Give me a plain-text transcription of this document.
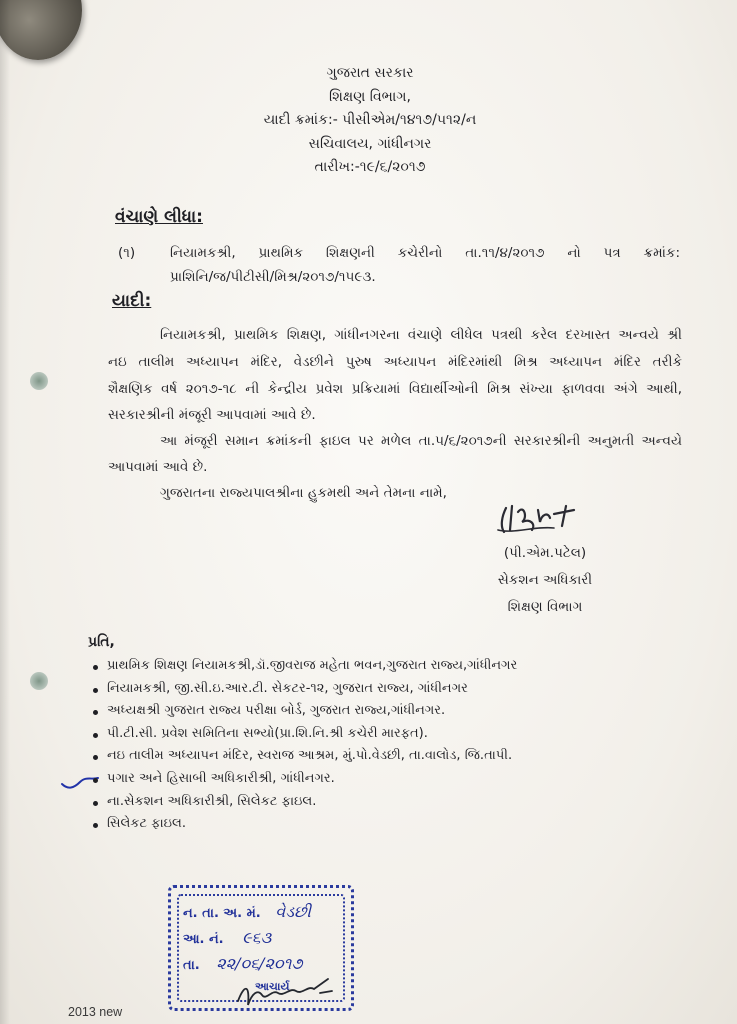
ગુજરાત સરકાર
શિક્ષણ વિભાગ,
યાદી ક્રમાંક:- પીસીએમ/૧૪૧૭/૫૧૨/ન
સચિવાલય, ગાંધીનગર
તારીખ:-૧૯/૬/૨૦૧૭
વંચાણે લીધા:
(૧)	નિયામકશ્રી, પ્રાથમિક શિક્ષણની કચેરીનો તા.૧૧/૪/૨૦૧૭ નો પત્ર ક્રમાંક:
પ્રાશિનિ/જ/પીટીસી/મિશ્ર/૨૦૧૭/૧૫૯૩.
યાદી:
નિયામકશ્રી, પ્રાથમિક શિક્ષણ, ગાંધીનગરના વંચાણે લીધેલ પત્રથી કરેલ દરખાસ્ત અન્વયે શ્રી
નઇ તાલીમ અધ્યાપન મંદિર, વેડછીને પુરુષ અધ્યાપન મંદિરમાંથી મિશ્ર અધ્યાપન મંદિર તરીકે
શૈક્ષણિક વર્ષ ૨૦૧૭-૧૮ ની કેન્દ્રીય પ્રવેશ પ્રક્રિયામાં વિદ્યાર્થીઓની મિશ્ર સંખ્યા ફાળવવા અંગે આથી,
સરકારશ્રીની મંજૂરી આપવામાં આવે છે.
આ મંજૂરી સમાન ક્રમાંકની ફાઇલ પર મળેલ તા.૫/૬/૨૦૧૭ની સરકારશ્રીની અનુમતી અન્વયે
આપવામાં આવે છે.
ગુજરાતના રાજ્યપાલશ્રીના હુકમથી અને તેમના નામે,
(પી.એમ.પટેલ)
સેકશન અધિકારી
શિક્ષણ વિભાગ
પ્રતિ,
પ્રાથમિક શિક્ષણ નિયામકશ્રી,ડૉ.જીવરાજ મહેતા ભવન,ગુજરાત રાજ્ય,ગાંધીનગર
નિયામકશ્રી, જી.સી.ઇ.આર.ટી. સેકટર-૧૨, ગુજરાત રાજ્ય, ગાંધીનગર
અધ્યક્ષશ્રી ગુજરાત રાજ્ય પરીક્ષા બોર્ડ, ગુજરાત રાજ્ય,ગાંધીનગર.
પી.ટી.સી. પ્રવેશ સમિતિના સભ્યો(પ્રા.શિ.નિ.શ્રી કચેરી મારફત).
નઇ તાલીમ અધ્યાપન મંદિર, સ્વરાજ આશ્રમ, મું.પો.વેડછી, તા.વાલોડ, જિ.તાપી.
પગાર અને હિસાબી અધિકારીશ્રી, ગાંધીનગર.
ના.સેકશન અધિકારીશ્રી, સિલેકટ ફાઇલ.
સિલેકટ ફાઇલ.
ન. તા. અ. મં. વેડછી
આ. નં. ૯૬૩
તા. ૨૨/૦૬/૨૦૧૭
આચાર્ય
2013 new
